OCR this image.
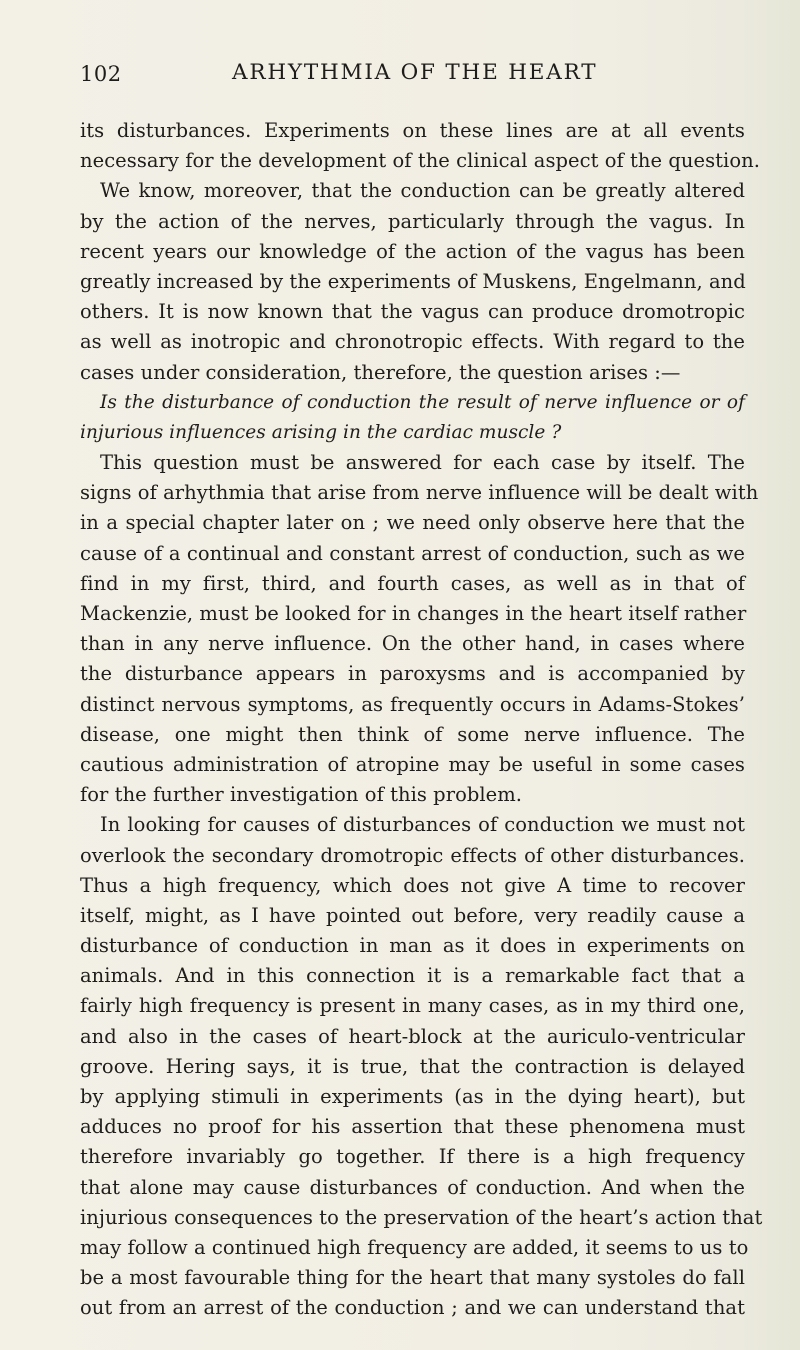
102	ARHYTHMIA OF THE HEART
its disturbances. Experiments on these lines are at all events
necessary for the development of the clinical aspect of the question.
We know, moreover, that the conduction can be greatly altered
by the action of the nerves, particularly through the vagus. In
recent years our knowledge of the action of the vagus has been
greatly increased by the experiments of Muskens, Engelmann, and
others. It is now known that the vagus can produce dromotropic
as well as inotropic and chronotropic effects. With regard to the
cases under consideration, therefore, the question arises :—
Is the disturbance of conduction the result of nerve influence or of
injurious influences arising in the cardiac muscle ?
This question must be answered for each case by itself. The
signs of arhythmia that arise from nerve influence will be dealt with
in a special chapter later on ; we need only observe here that the
cause of a continual and constant arrest of conduction, such as we
find in my first, third, and fourth cases, as well as in that of
Mackenzie, must be looked for in changes in the heart itself rather
than in any nerve influence. On the other hand, in cases where
the disturbance appears in paroxysms and is accompanied by
distinct nervous symptoms, as frequently occurs in Adams-Stokes’
disease, one might then think of some nerve influence. The
cautious administration of atropine may be useful in some cases
for the further investigation of this problem.
In looking for causes of disturbances of conduction we must not
overlook the secondary dromotropic effects of other disturbances.
Thus a high frequency, which does not give A time to recover
itself, might, as I have pointed out before, very readily cause a
disturbance of conduction in man as it does in experiments on
animals. And in this connection it is a remarkable fact that a
fairly high frequency is present in many cases, as in my third one,
and also in the cases of heart-block at the auriculo-ventricular
groove. Hering says, it is true, that the contraction is delayed
by applying stimuli in experiments (as in the dying heart), but
adduces no proof for his assertion that these phenomena must
therefore invariably go together. If there is a high frequency
that alone may cause disturbances of conduction. And when the
injurious consequences to the preservation of the heart’s action that
may follow a continued high frequency are added, it seems to us to
be a most favourable thing for the heart that many systoles do fall
out from an arrest of the conduction ; and we can understand that
